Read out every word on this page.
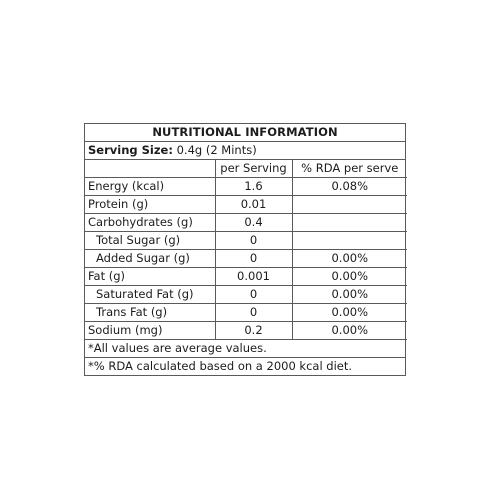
NUTRITIONAL INFORMATION
Serving Size: 0.4g (2 Mints)
	per Serving	% RDA per serve
Energy (kcal)	1.6	0.08%
Protein (g)	0.01	
Carbohydrates (g)	0.4	
Total Sugar (g)	0	
Added Sugar (g)	0	0.00%
Fat (g)	0.001	0.00%
Saturated Fat (g)	0	0.00%
Trans Fat (g)	0	0.00%
Sodium (mg)	0.2	0.00%
*All values are average values.
*% RDA calculated based on a 2000 kcal diet.
